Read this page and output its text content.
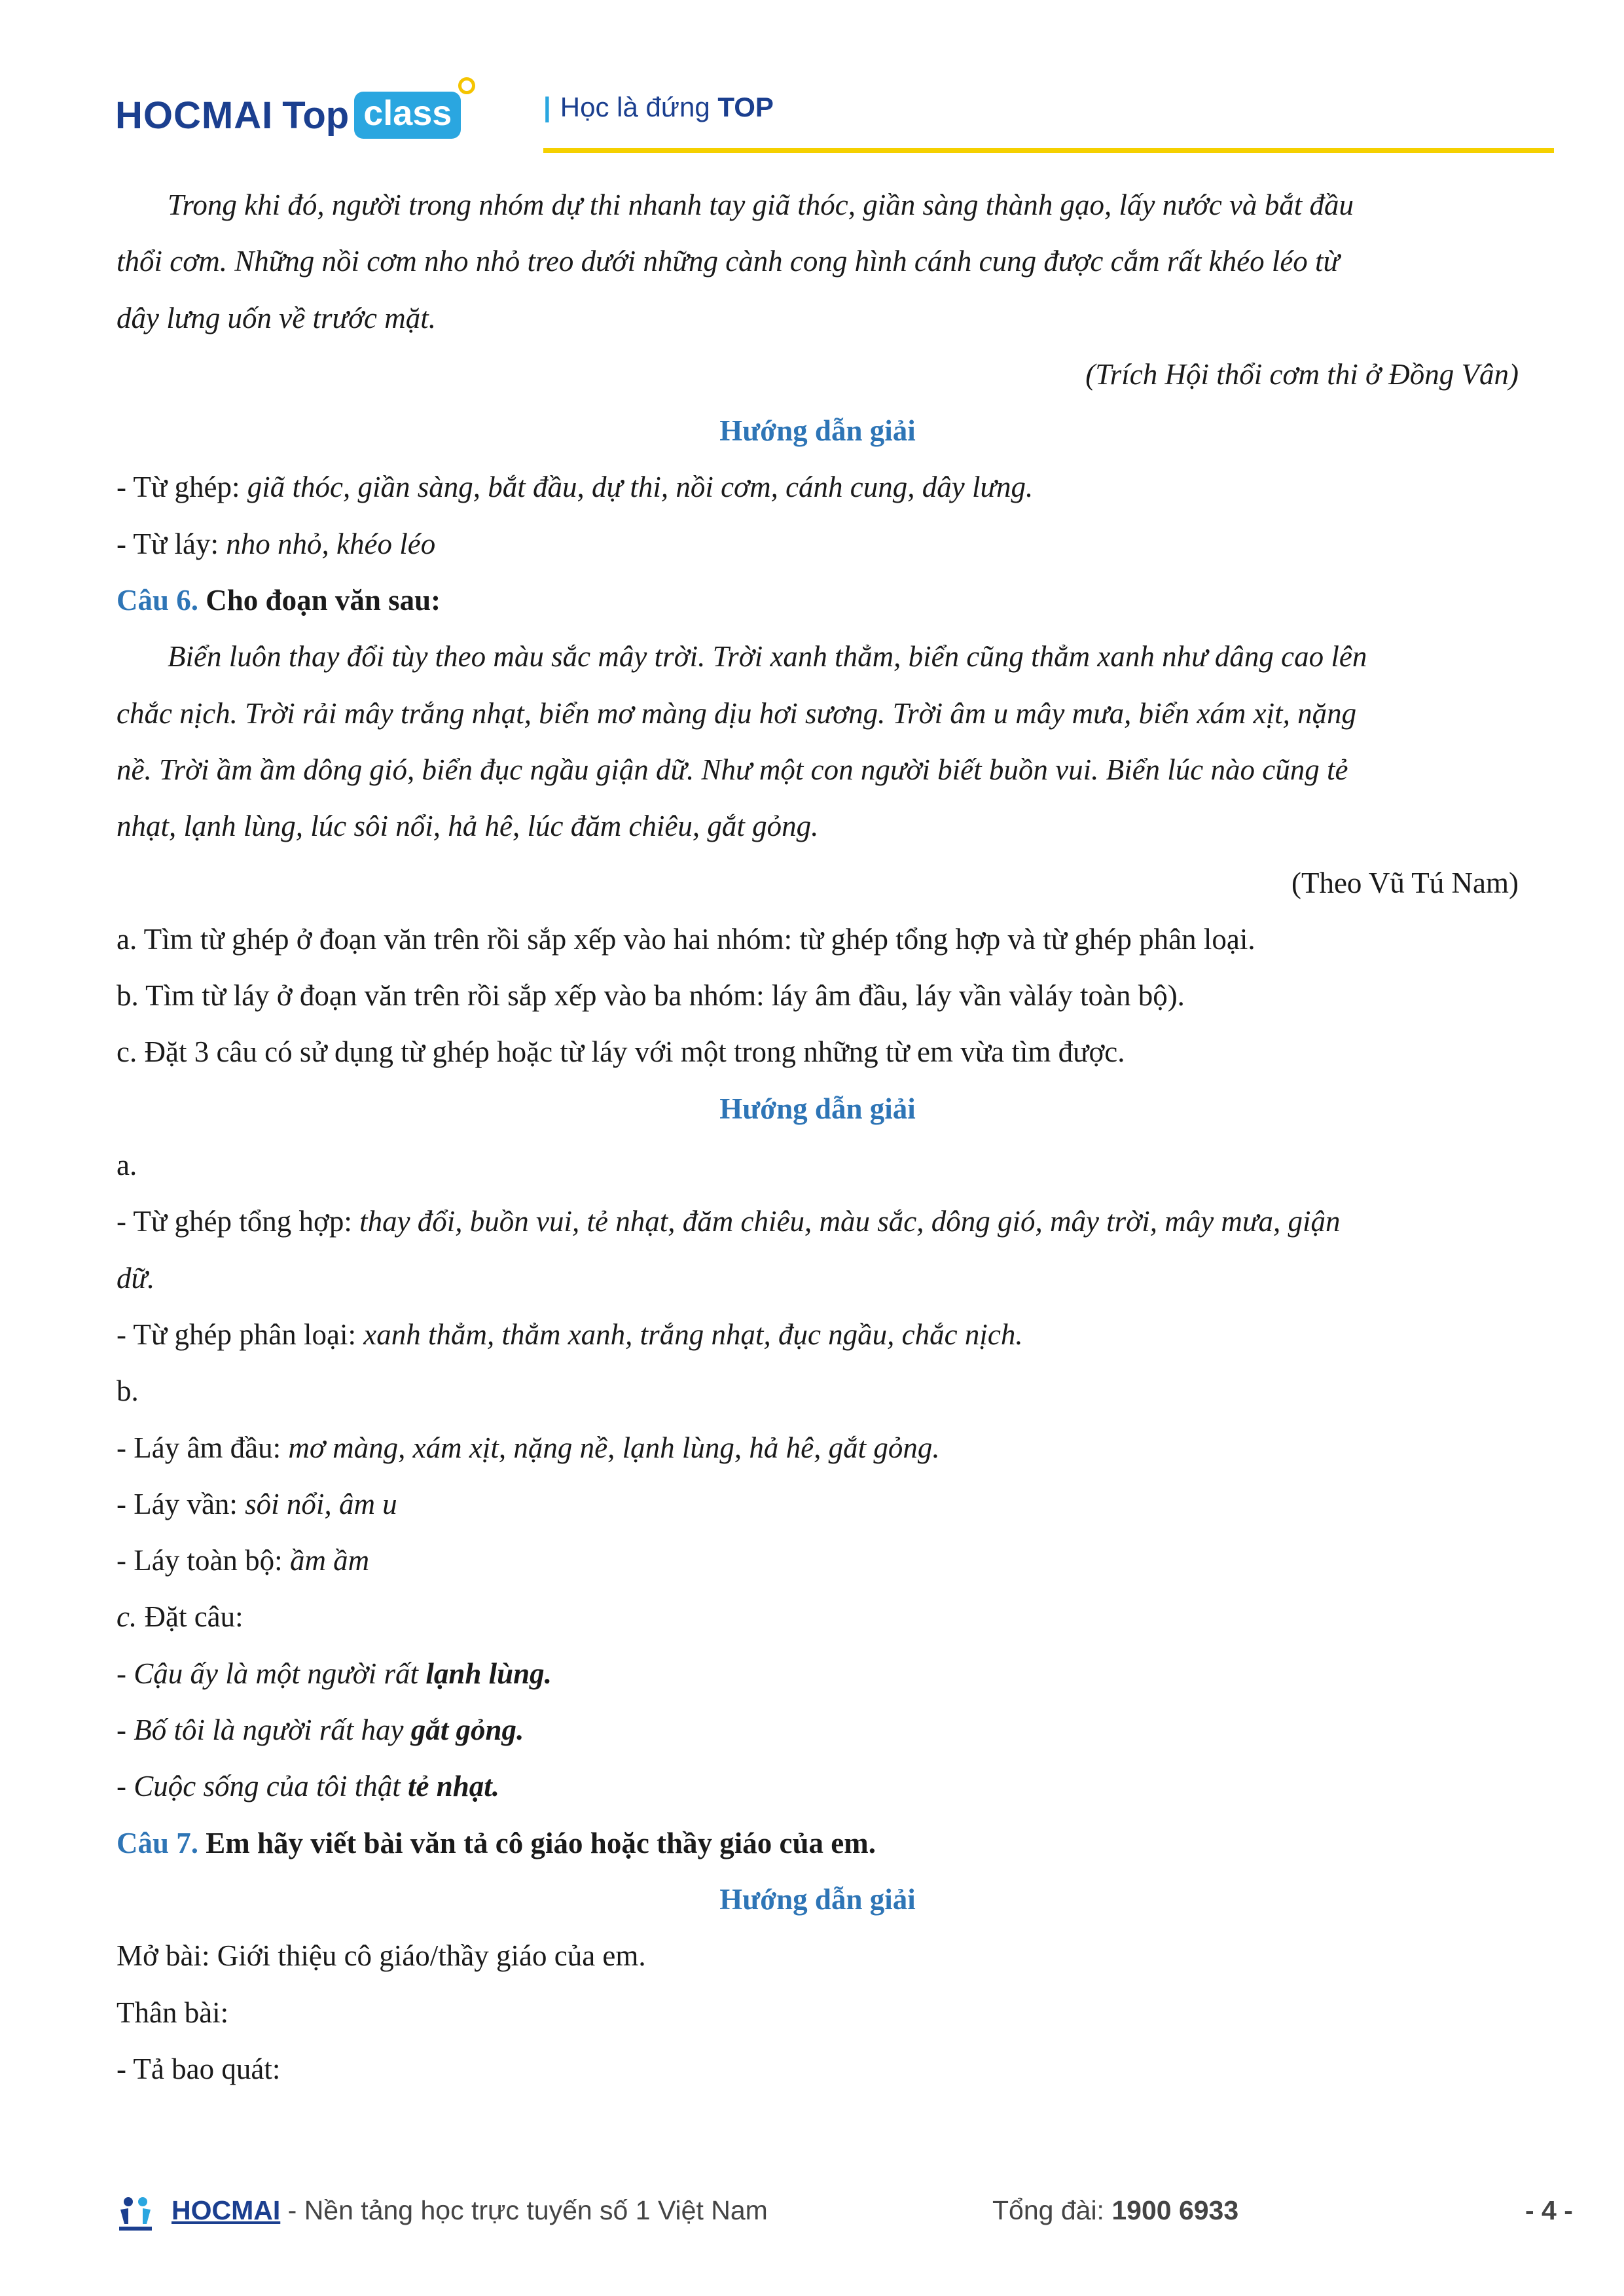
HOCMAI Top class	| Học là đứng TOP
Trong khi đó, người trong nhóm dự thi nhanh tay giã thóc, giần sàng thành gạo, lấy nước và bắt đầu
thổi cơm. Những nồi cơm nho nhỏ treo dưới những cành cong hình cánh cung được cắm rất khéo léo từ
dây lưng uốn về trước mặt.
(Trích Hội thổi cơm thi ở Đồng Vân)
Hướng dẫn giải
- Từ ghép: giã thóc, giần sàng, bắt đầu, dự thi, nồi cơm, cánh cung, dây lưng.
- Từ láy: nho nhỏ, khéo léo
Câu 6. Cho đoạn văn sau:
Biển luôn thay đổi tùy theo màu sắc mây trời. Trời xanh thẳm, biển cũng thẳm xanh như dâng cao lên
chắc nịch. Trời rải mây trắng nhạt, biển mơ màng dịu hơi sương. Trời âm u mây mưa, biển xám xịt, nặng
nề. Trời ầm ầm dông gió, biển đục ngầu giận dữ. Như một con người biết buồn vui. Biển lúc nào cũng tẻ
nhạt, lạnh lùng, lúc sôi nổi, hả hê, lúc đăm chiêu, gắt gỏng.
(Theo Vũ Tú Nam)
a. Tìm từ ghép ở đoạn văn trên rồi sắp xếp vào hai nhóm: từ ghép tổng hợp và từ ghép phân loại.
b. Tìm từ láy ở đoạn văn trên rồi sắp xếp vào ba nhóm: láy âm đầu, láy vần vàláy toàn bộ).
c. Đặt 3 câu có sử dụng từ ghép hoặc từ láy với một trong những từ em vừa tìm được.
Hướng dẫn giải
a.
- Từ ghép tổng hợp: thay đổi, buồn vui, tẻ nhạt, đăm chiêu, màu sắc, dông gió, mây trời, mây mưa, giận
dữ.
- Từ ghép phân loại: xanh thẳm, thẳm xanh, trắng nhạt, đục ngầu, chắc nịch.
b.
- Láy âm đầu: mơ màng, xám xịt, nặng nề, lạnh lùng, hả hê, gắt gỏng.
- Láy vần: sôi nổi, âm u
- Láy toàn bộ: ầm ầm
c. Đặt câu:
- Cậu ấy là một người rất lạnh lùng.
- Bố tôi là người rất hay gắt gỏng.
- Cuộc sống của tôi thật tẻ nhạt.
Câu 7. Em hãy viết bài văn tả cô giáo hoặc thầy giáo của em.
Hướng dẫn giải
Mở bài: Giới thiệu cô giáo/thầy giáo của em.
Thân bài:
- Tả bao quát:
HOCMAI - Nền tảng học trực tuyến số 1 Việt Nam	Tổng đài: 1900 6933	- 4 -
